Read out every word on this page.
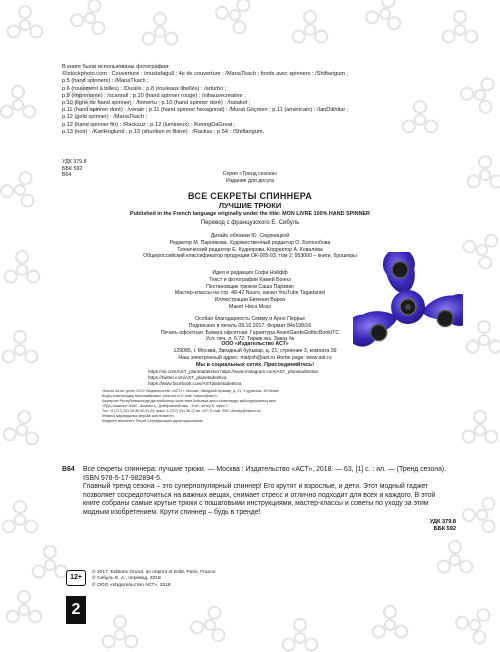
В книге были использованы фотографии:
©Istockphoto.com : Couverture : /mustafagull ; 4e de couverture : /MariaTkach ; fonds avec spinners : /Shiftarigum ;
p.5 (hand spinners) : /MariaTkach ;
p.6 (roulement à billes) : /Dusiils ; p.8 (rouleaux libellés) : /arturbo ;
p.9 (imprimante) : /scanrail ; p.10 (hand spinner rouge) : /nihausecreative ;
p.10 (ligne de hand spinner) : /fomertu ; p.10 (hand spinner doré) : /hatakot ;
p.11 (hand spinner doré) : /venair ; p.11 (hand spinner hexagonal) : /Murat Göçmen ; p.11 (américain) : /IanDikhtiar ;
p.12 (gold spinner) : /MariaTkach ;
p.12 (hand spinner fin) : /Racksuz ; p.12 (lumineux) : /KeongDaGreat ;
p.13 (noir) : /KariHoglund ; p.13 (shuriken et filière) : /Racksu ; p.54 : /Shiftarigum.
УДК 379.8
ББК 592
В64	Серия «Тренд сезона»
Издание для досуга
ВСЕ СЕКРЕТЫ СПИННЕРА
ЛУЧШИЕ ТРЮКИ
Published in the French language originally under the title: MON LIVRE 100% HAND SPINNER
Перевод с французского Е. Сибуль
Дизайн обложки Ю. Смурницкой
Редактор М. Парникова. Художественный редактор О. Богонобова
Технический редактор Е. Кудиярова. Корректор А. Ковалева
Общероссийский классификатор продукции ОК-005-93, том 2; 953000 – книги, брошюры
Идея и редакция Софи Нэйфф
Текст и фотографии Камей Боннэ
Постановщик трюков Саша Парзиво
Мастер-классы на стр. 48-47 Nouro, канал YouTube Tagadaniel
Иллюстрации Евгения Варон
Макет Ниса Мозэ
Особая благодарность Семму и Арно Перрье
Подписано в печать 09.10.2017. Формат 84х108/16
Печать офсетная. Бумага офсетная. Гарнитура AvantGardeGothicBookITC
Усл. печ. л. 6,72. Тираж экз. Заказ №
ООО «Издательство АСТ»
129085, г. Москва, Звездный бульвар, д. 21, строение 3, комната 39
Наш электронный адрес: malysh@ast.ru Home page: www.ast.ru
Мы в социальных сетях. Присоединяйтесь!
https://vk.com/AST_planetadetstva https://www.instagram.com/AST_planetadetstva
https://twitter.com/AST_planetadetstva
https://www.facebook.com/ASTplanetadetstva
«Баспа Аста» деген ООО «Издательство «АСТ» г. Москва, Звездный бульвар, д. 21, 3 құрылым, 39 бөлме
Біздің электрондық мекенжайымыз: www.ast.ru E-mail: malysh@ast.ru
Қазақстан Республикасында дистрибьютор және өнім бойынша арыз-талаптарды қабылдаушының өкілі
«РДЦ-Алматы» ЖШС, Алматы қ., Домбровский көш., 3«а», литер Б, офис 1.
Тел.: 8 (727) 251 59 89,90,91,92, факс: 8 (727) 251 58 12 вн. 107; E-mail: RDC-Almaty@eksmo.kz
Өнімнің жарамдылық мерзімі шектелмеген.
Өндірген мемлекет: Ресей Сертификация қарастырылмаған
В64 Все секреты спиннера: лучшие трюки. — Москва : Издательство «АСТ», 2018. — 63, [1] с. : ил. — (Тренд сезона).
ISBN 978-5-17-982894-5.
Главный тренд сезона – это суперпопулярный спиннер! Его крутят и взрослые, и дети. Этот модный гаджет позволяет сосредоточиться на важных вещах, снимает стресс и отлично подходит для всех и каждого. В этой книге собраны самые крутые трюки с пошаговыми инструкциями, мастер-классы и советы по уходу за этим модным изобретением. Крути спиннер – будь в тренде!
УДК 379.8
ББК 592
12+
© 2017, Editions Grund, an imprint of Edi8, Paris, France
© Сибуль Е. А., перевод, 2018
© ООО «Издательство АСТ», 2018
2
